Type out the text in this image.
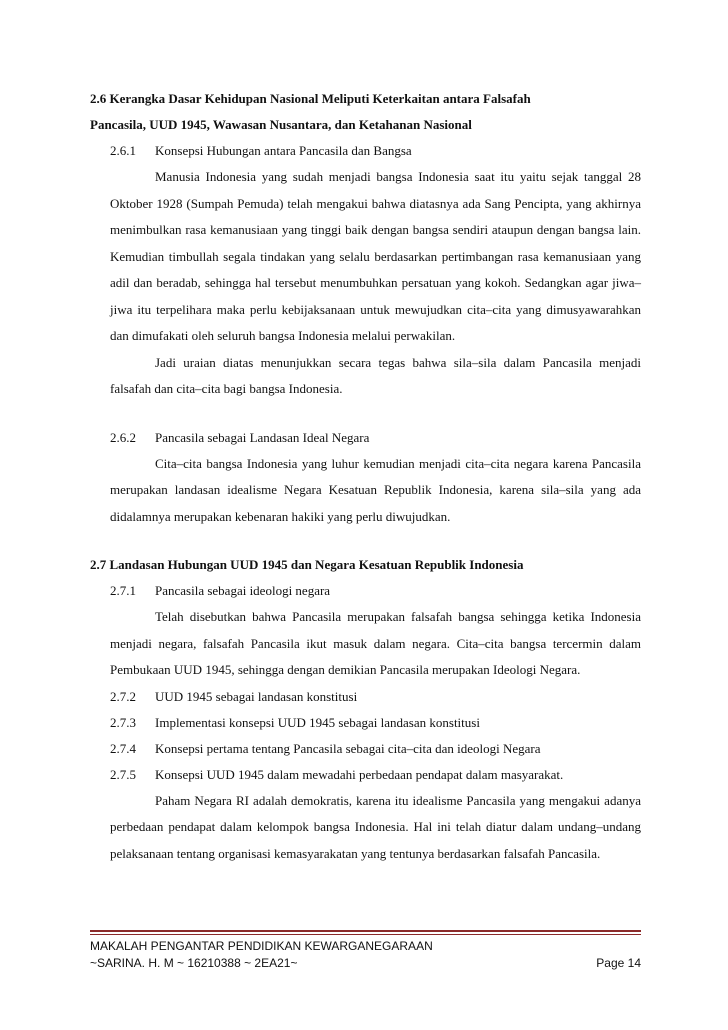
2.6 Kerangka Dasar Kehidupan Nasional Meliputi Keterkaitan antara Falsafah
Pancasila, UUD 1945, Wawasan Nusantara, dan Ketahanan Nasional
2.6.1	Konsepsi Hubungan antara Pancasila dan Bangsa

Manusia Indonesia yang sudah menjadi bangsa Indonesia saat itu yaitu sejak tanggal 28 Oktober 1928 (Sumpah Pemuda) telah mengakui bahwa diatasnya ada Sang Pencipta, yang akhirnya menimbulkan rasa kemanusiaan yang tinggi baik dengan bangsa sendiri ataupun dengan bangsa lain. Kemudian timbullah segala tindakan yang selalu berdasarkan pertimbangan rasa kemanusiaan yang adil dan beradab, sehingga hal tersebut menumbuhkan persatuan yang kokoh. Sedangkan agar jiwa–jiwa itu terpelihara maka perlu kebijaksanaan untuk mewujudkan cita–cita yang dimusyawarahkan dan dimufakati oleh seluruh bangsa Indonesia melalui perwakilan.

Jadi uraian diatas menunjukkan secara tegas bahwa sila–sila dalam Pancasila menjadi falsafah dan cita–cita bagi bangsa Indonesia.

2.6.2	Pancasila sebagai Landasan Ideal Negara

Cita–cita bangsa Indonesia yang luhur kemudian menjadi cita–cita negara karena Pancasila merupakan landasan idealisme Negara Kesatuan Republik Indonesia, karena sila–sila yang ada didalamnya merupakan kebenaran hakiki yang perlu diwujudkan.

2.7 Landasan Hubungan UUD 1945 dan Negara Kesatuan Republik Indonesia
2.7.1	Pancasila sebagai ideologi negara

Telah disebutkan bahwa Pancasila merupakan falsafah bangsa sehingga ketika Indonesia menjadi negara, falsafah Pancasila ikut masuk dalam negara. Cita–cita bangsa tercermin dalam Pembukaan UUD 1945, sehingga dengan demikian Pancasila merupakan Ideologi Negara.

2.7.2	UUD 1945 sebagai landasan konstitusi
2.7.3	Implementasi konsepsi UUD 1945 sebagai landasan konstitusi
2.7.4	Konsepsi pertama tentang Pancasila sebagai cita–cita dan ideologi Negara
2.7.5	Konsepsi UUD 1945 dalam mewadahi perbedaan pendapat dalam masyarakat.

Paham Negara RI adalah demokratis, karena itu idealisme Pancasila yang mengakui adanya perbedaan pendapat dalam kelompok bangsa Indonesia. Hal ini telah diatur dalam undang–undang pelaksanaan tentang organisasi kemasyarakatan yang tentunya berdasarkan falsafah Pancasila.

MAKALAH PENGANTAR PENDIDIKAN KEWARGANEGARAAN
~SARINA. H. M ~ 16210388 ~ 2EA21~	Page 14
